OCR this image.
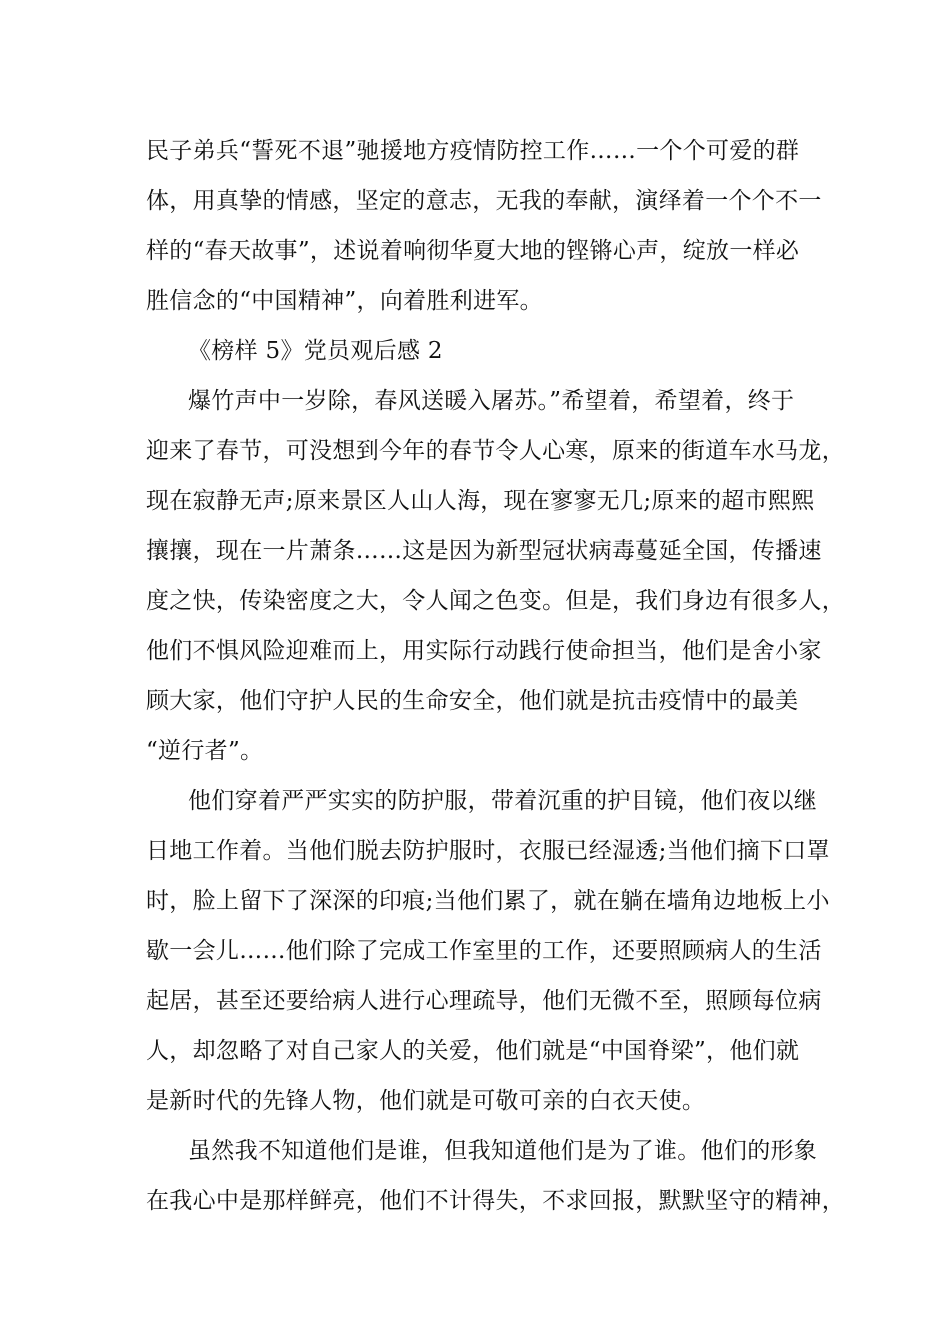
民子弟兵“誓死不退”驰援地方疫情防控工作……一个个可爱的群
体，用真挚的情感，坚定的意志，无我的奉献，演绎着一个个不一
样的“春天故事”，述说着响彻华夏大地的铿锵心声，绽放一样必
胜信念的“中国精神”，向着胜利进军。
《榜样 5》党员观后感 2
爆竹声中一岁除，春风送暖入屠苏。”希望着，希望着，终于
迎来了春节，可没想到今年的春节令人心寒，原来的街道车水马龙，
现在寂静无声;原来景区人山人海，现在寥寥无几;原来的超市熙熙
攘攘，现在一片萧条……这是因为新型冠状病毒蔓延全国，传播速
度之快，传染密度之大，令人闻之色变。但是，我们身边有很多人，
他们不惧风险迎难而上，用实际行动践行使命担当，他们是舍小家
顾大家，他们守护人民的生命安全，他们就是抗击疫情中的最美
“逆行者”。
他们穿着严严实实的防护服，带着沉重的护目镜，他们夜以继
日地工作着。当他们脱去防护服时，衣服已经湿透;当他们摘下口罩
时，脸上留下了深深的印痕;当他们累了，就在躺在墙角边地板上小
歇一会儿……他们除了完成工作室里的工作，还要照顾病人的生活
起居，甚至还要给病人进行心理疏导，他们无微不至，照顾每位病
人，却忽略了对自己家人的关爱，他们就是“中国脊梁”，他们就
是新时代的先锋人物，他们就是可敬可亲的白衣天使。
虽然我不知道他们是谁，但我知道他们是为了谁。他们的形象
在我心中是那样鲜亮，他们不计得失，不求回报，默默坚守的精神，
